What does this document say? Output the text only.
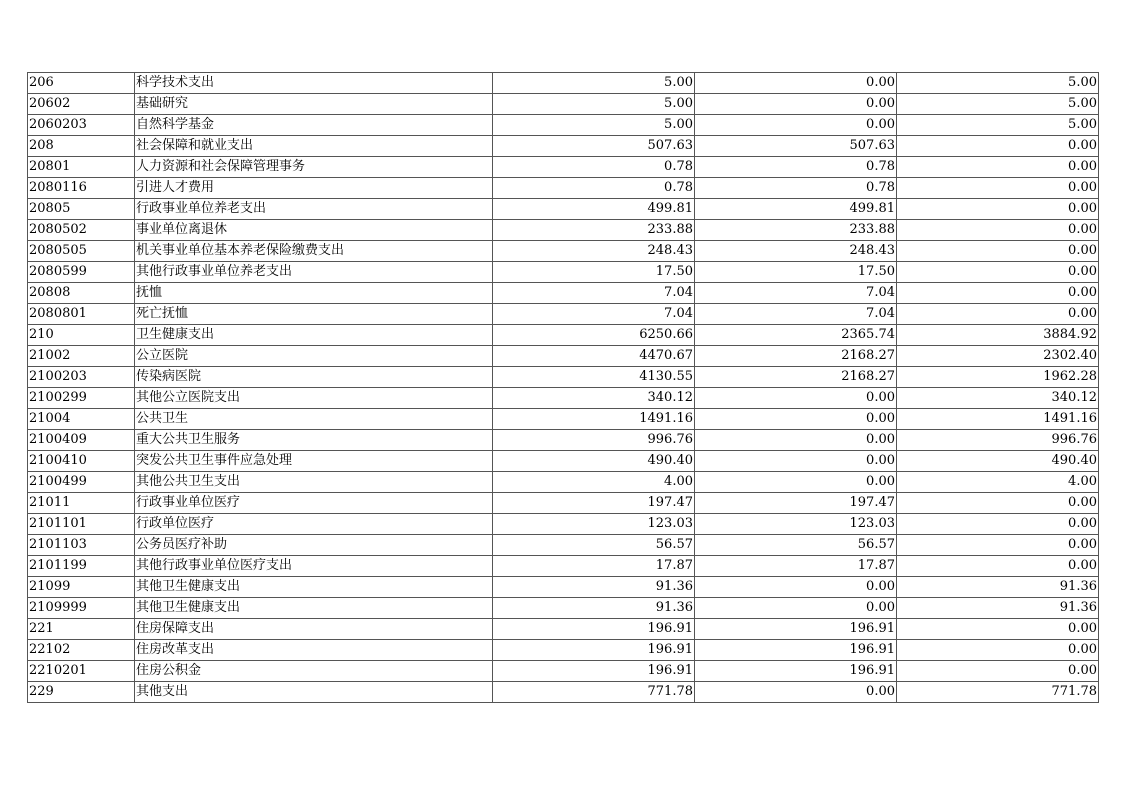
206	科学技术支出	5.00	0.00	5.00
20602	基础研究	5.00	0.00	5.00
2060203	自然科学基金	5.00	0.00	5.00
208	社会保障和就业支出	507.63	507.63	0.00
20801	人力资源和社会保障管理事务	0.78	0.78	0.00
2080116	引进人才费用	0.78	0.78	0.00
20805	行政事业单位养老支出	499.81	499.81	0.00
2080502	事业单位离退休	233.88	233.88	0.00
2080505	机关事业单位基本养老保险缴费支出	248.43	248.43	0.00
2080599	其他行政事业单位养老支出	17.50	17.50	0.00
20808	抚恤	7.04	7.04	0.00
2080801	死亡抚恤	7.04	7.04	0.00
210	卫生健康支出	6250.66	2365.74	3884.92
21002	公立医院	4470.67	2168.27	2302.40
2100203	传染病医院	4130.55	2168.27	1962.28
2100299	其他公立医院支出	340.12	0.00	340.12
21004	公共卫生	1491.16	0.00	1491.16
2100409	重大公共卫生服务	996.76	0.00	996.76
2100410	突发公共卫生事件应急处理	490.40	0.00	490.40
2100499	其他公共卫生支出	4.00	0.00	4.00
21011	行政事业单位医疗	197.47	197.47	0.00
2101101	行政单位医疗	123.03	123.03	0.00
2101103	公务员医疗补助	56.57	56.57	0.00
2101199	其他行政事业单位医疗支出	17.87	17.87	0.00
21099	其他卫生健康支出	91.36	0.00	91.36
2109999	其他卫生健康支出	91.36	0.00	91.36
221	住房保障支出	196.91	196.91	0.00
22102	住房改革支出	196.91	196.91	0.00
2210201	住房公积金	196.91	196.91	0.00
229	其他支出	771.78	0.00	771.78
